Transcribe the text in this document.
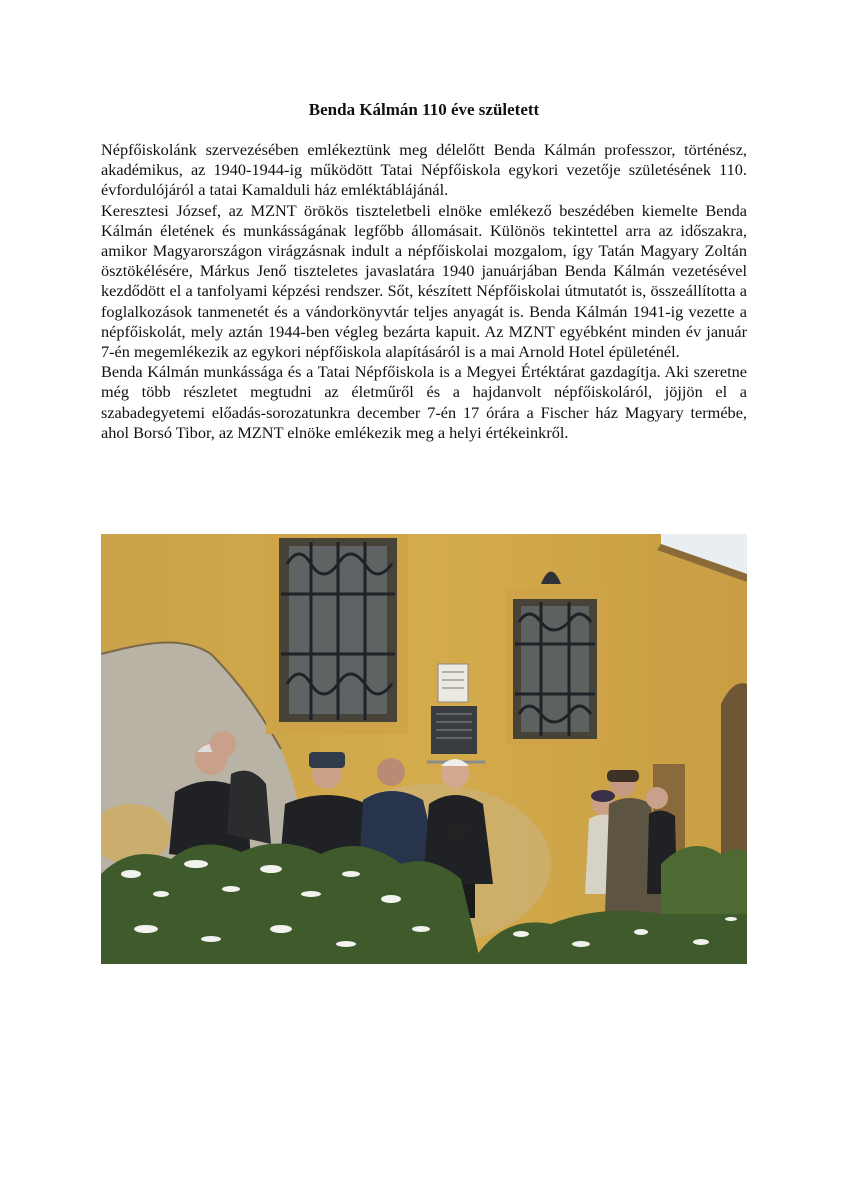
Benda Kálmán 110 éve született

Népfőiskolánk szervezésében emlékeztünk meg délelőtt Benda Kálmán professzor, történész, akadémikus, az 1940-1944-ig működött Tatai Népfőiskola egykori vezetője születésének 110. évfordulójáról a tatai Kamalduli ház emléktáblájánál.

Keresztesi József, az MZNT örökös tiszteletbeli elnöke emlékező beszédében kiemelte Benda Kálmán életének és munkásságának legfőbb állomásait. Különös tekintettel arra az időszakra, amikor Magyarországon virágzásnak indult a népfőiskolai mozgalom, így Tatán Magyary Zoltán ösztökélésére, Márkus Jenő tiszteletes javaslatára 1940 januárjában Benda Kálmán vezetésével kezdődött el a tanfolyami képzési rendszer. Sőt, készített Népfőiskolai útmutatót is, összeállította a foglalkozások tanmenetét és a vándorkönyvtár teljes anyagát is. Benda Kálmán 1941-ig vezette a népfőiskolát, mely aztán 1944-ben végleg bezárta kapuit. Az MZNT egyébként minden év január 7-én megemlékezik az egykori népfőiskola alapításáról is a mai Arnold Hotel épületénél.

Benda Kálmán munkássága és a Tatai Népfőiskola is a Megyei Értéktárat gazdagítja. Aki szeretne még több részletet megtudni az életműről és a hajdanvolt népfőiskoláról, jöjjön el a szabadegyetemi előadás-sorozatunkra december 7-én 17 órára a Fischer ház Magyary termébe, ahol Borsó Tibor, az MZNT elnöke emlékezik meg a helyi értékeinkről.
